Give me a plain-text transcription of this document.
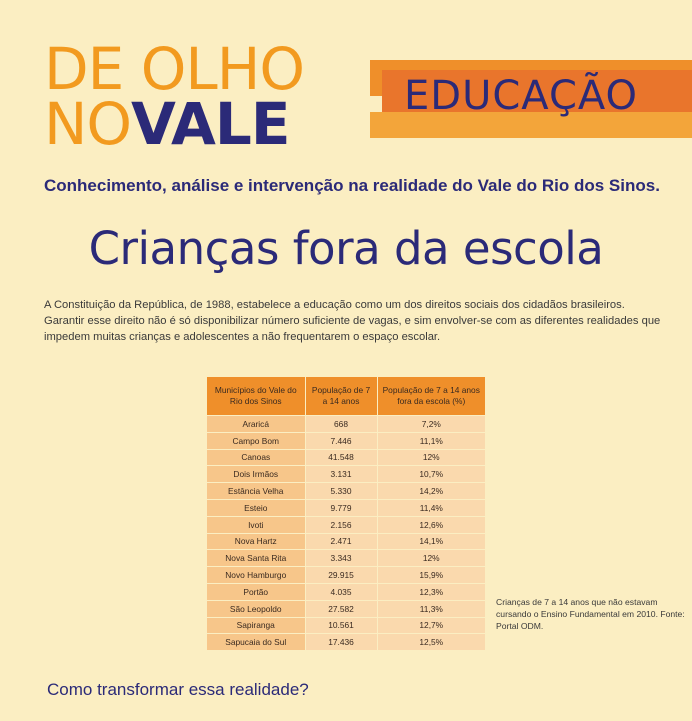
DE OLHO
NOVALE	EDUCAÇÃO

Conhecimento, análise e intervenção na realidade do Vale do Rio dos Sinos.

Crianças fora da escola

A Constituição da República, de 1988, estabelece a educação como um dos direitos sociais dos cidadãos brasileiros. Garantir esse direito não é só disponibilizar número suficiente de vagas, e sim envolver-se com as diferentes realidades que impedem muitas crianças e adolescentes a não frequentarem o espaço escolar.

Municípios do Vale do Rio dos Sinos	População de 7 a 14 anos	População de 7 a 14 anos fora da escola (%)
Araricá	668	7,2%
Campo Bom	7.446	11,1%
Canoas	41.548	12%
Dois Irmãos	3.131	10,7%
Estância Velha	5.330	14,2%
Esteio	9.779	11,4%
Ivoti	2.156	12,6%
Nova Hartz	2.471	14,1%
Nova Santa Rita	3.343	12%
Novo Hamburgo	29.915	15,9%
Portão	4.035	12,3%
São Leopoldo	27.582	11,3%
Sapiranga	10.561	12,7%
Sapucaia do Sul	17.436	12,5%

Crianças de 7 a 14 anos que não estavam cursando o Ensino Fundamental em 2010. Fonte: Portal ODM.

Como transformar essa realidade?
